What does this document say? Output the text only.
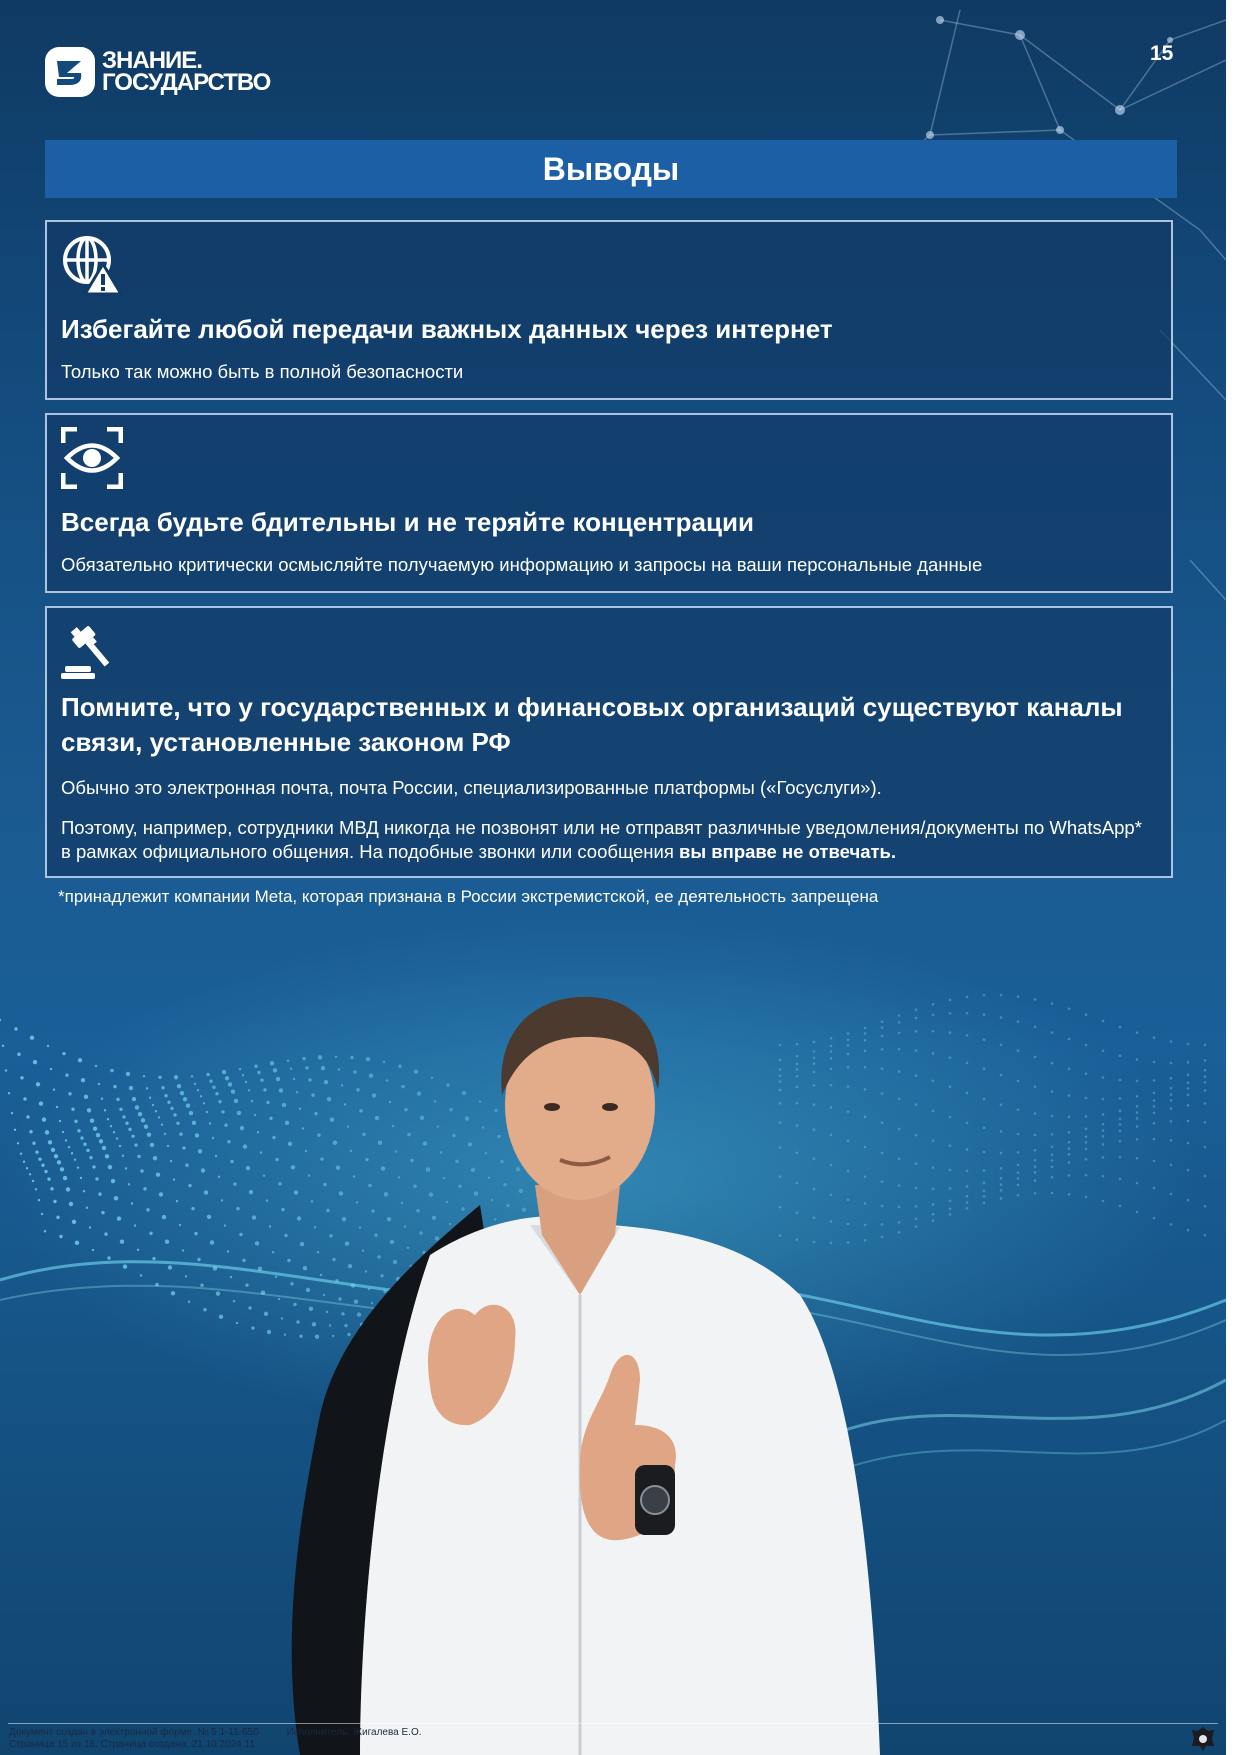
ЗНАНИЕ.
ГОСУДАРСТВО
15
Выводы
Избегайте любой передачи важных данных через интернет
Только так можно быть в полной безопасности
Всегда будьте бдительны и не теряйте концентрации
Обязательно критически осмысляйте получаемую информацию и запросы на ваши персональные данные
Помните, что у государственных и финансовых организаций существуют каналы связи, установленные законом РФ
Обычно это электронная почта, почта России, специализированные платформы («Госуслуги»).
Поэтому, например, сотрудники МВД никогда не позвонят или не отправят различные уведомления/документы по WhatsApp* в рамках официального общения. На подобные звонки или сообщения вы вправе не отвечать.
*принадлежит компании Meta, которая признана в России экстремистской, ее деятельность запрещена
Документ создан в электронной форме. № 5 1-11-650	Исполнитель: Жигалева Е.О.
Страница 15 из 16. Страница создана: 21.10.2024 11
